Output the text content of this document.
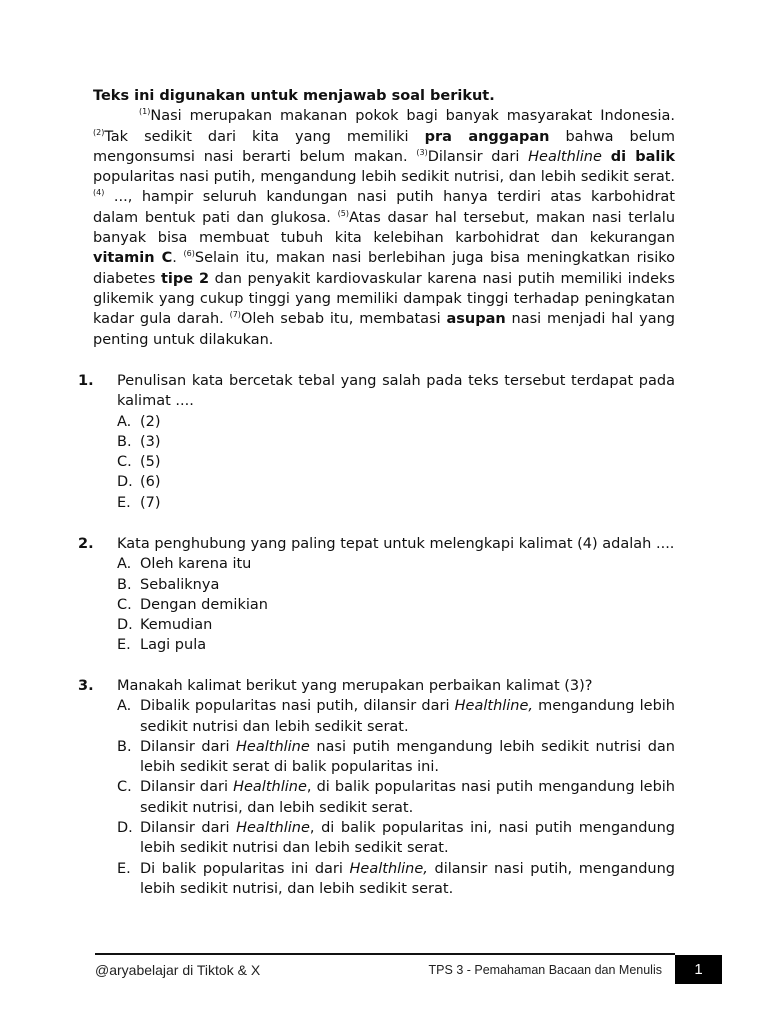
Teks ini digunakan untuk menjawab soal berikut.

$^{(1)}$Nasi merupakan makanan pokok bagi banyak masyarakat Indonesia. $^{(2)}$Tak sedikit dari kita yang memiliki pra anggapan bahwa belum mengonsumsi nasi berarti belum makan. $^{(3)}$Dilansir dari Healthline di balik popularitas nasi putih, mengandung lebih sedikit nutrisi, dan lebih sedikit serat. $^{(4)}$ ..., hampir seluruh kandungan nasi putih hanya terdiri atas karbohidrat dalam bentuk pati dan glukosa. $^{(5)}$Atas dasar hal tersebut, makan nasi terlalu banyak bisa membuat tubuh kita kelebihan karbohidrat dan kekurangan vitamin C. $^{(6)}$Selain itu, makan nasi berlebihan juga bisa meningkatkan risiko diabetes tipe 2 dan penyakit kardiovaskular karena nasi putih memiliki indeks glikemik yang cukup tinggi yang memiliki dampak tinggi terhadap peningkatan kadar gula darah. $^{(7)}$Oleh sebab itu, membatasi asupan nasi menjadi hal yang penting untuk dilakukan.

1. Penulisan kata bercetak tebal yang salah pada teks tersebut terdapat pada kalimat ....
A. (2)
B. (3)
C. (5)
D. (6)
E. (7)
2. Kata penghubung yang paling tepat untuk melengkapi kalimat (4) adalah ....
A. Oleh karena itu
B. Sebaliknya
C. Dengan demikian
D. Kemudian
E. Lagi pula
3. Manakah kalimat berikut yang merupakan perbaikan kalimat (3)?
A. Dibalik popularitas nasi putih, dilansir dari Healthline, mengandung lebih sedikit nutrisi dan lebih sedikit serat.
B. Dilansir dari Healthline nasi putih mengandung lebih sedikit nutrisi dan lebih sedikit serat di balik popularitas ini.
C. Dilansir dari Healthline, di balik popularitas nasi putih mengandung lebih sedikit nutrisi, dan lebih sedikit serat.
D. Dilansir dari Healthline, di balik popularitas ini, nasi putih mengandung lebih sedikit nutrisi dan lebih sedikit serat.
E. Di balik popularitas ini dari Healthline, dilansir nasi putih, mengandung lebih sedikit nutrisi, dan lebih sedikit serat.
@aryabelajar di Tiktok & X	TPS 3 - Pemahaman Bacaan dan Menulis	1
